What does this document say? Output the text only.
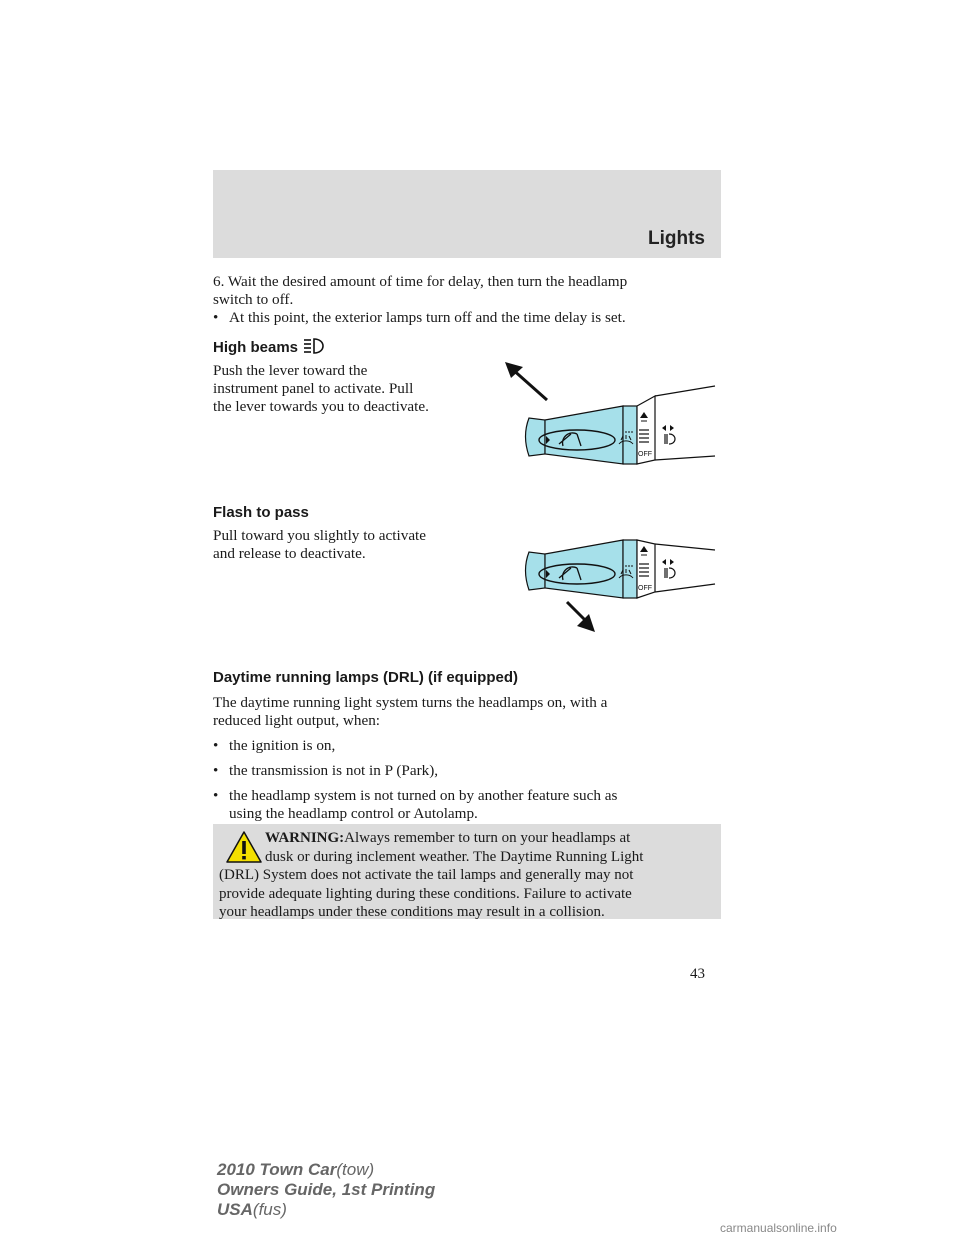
Lights
6. Wait the desired amount of time for delay, then turn the headlamp
switch to off.
• At this point, the exterior lamps turn off and the time delay is set.
High beams
Push the lever toward the
instrument panel to activate. Pull
the lever towards you to deactivate.
OFF
Flash to pass
Pull toward you slightly to activate
and release to deactivate.
OFF
Daytime running lamps (DRL) (if equipped)
The daytime running light system turns the headlamps on, with a
reduced light output, when:
• the ignition is on,
• the transmission is not in P (Park),
• the headlamp system is not turned on by another feature such as
using the headlamp control or Autolamp.
WARNING:Always remember to turn on your headlamps at
dusk or during inclement weather. The Daytime Running Light
(DRL) System does not activate the tail lamps and generally may not
provide adequate lighting during these conditions. Failure to activate
your headlamps under these conditions may result in a collision.
43
2010 Town Car(tow)
Owners Guide, 1st Printing
USA(fus)
carmanualsonline.info
